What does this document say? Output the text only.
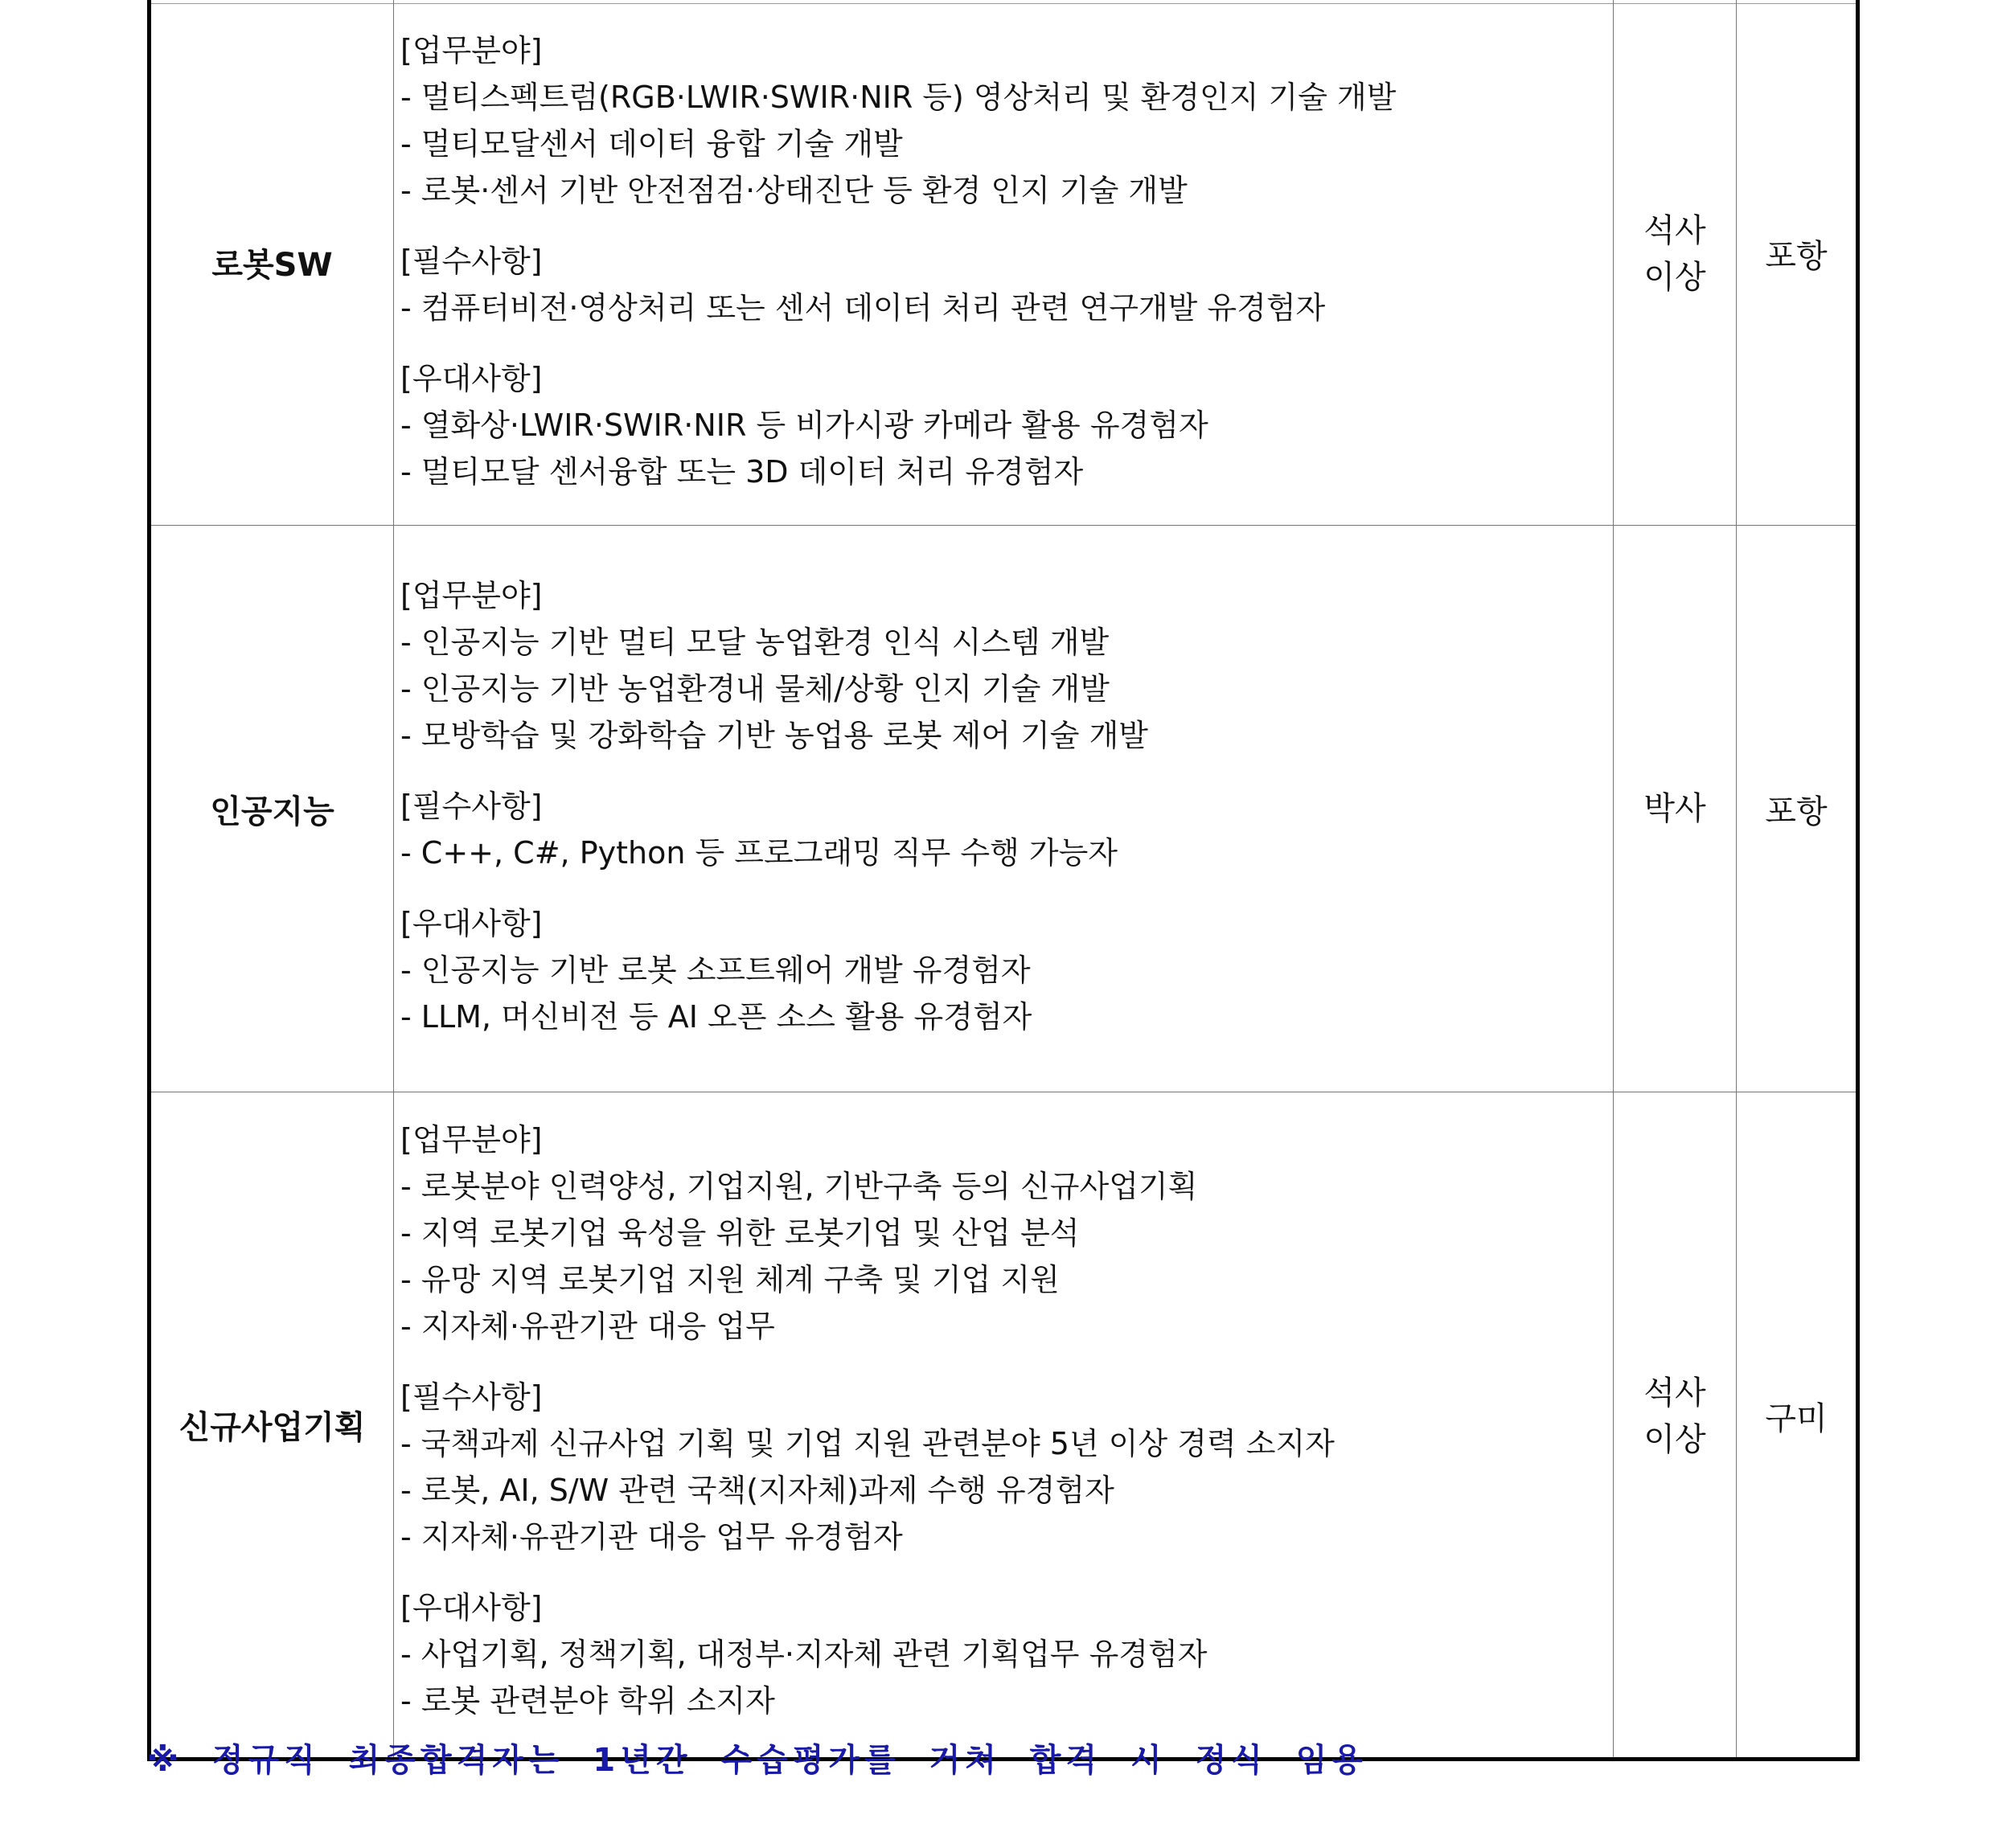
로봇SW
[업무분야]
- 멀티스펙트럼(RGB·LWIR·SWIR·NIR 등) 영상처리 및 환경인지 기술 개발
- 멀티모달센서 데이터 융합 기술 개발
- 로봇·센서 기반 안전점검·상태진단 등 환경 인지 기술 개발
[필수사항]
- 컴퓨터비전·영상처리 또는 센서 데이터 처리 관련 연구개발 유경험자
[우대사항]
- 열화상·LWIR·SWIR·NIR 등 비가시광 카메라 활용 유경험자
- 멀티모달 센서융합 또는 3D 데이터 처리 유경험자
석사
이상
포항
인공지능
[업무분야]
- 인공지능 기반 멀티 모달 농업환경 인식 시스템 개발
- 인공지능 기반 농업환경내 물체/상황 인지 기술 개발
- 모방학습 및 강화학습 기반 농업용 로봇 제어 기술 개발
[필수사항]
- C++, C#, Python 등 프로그래밍 직무 수행 가능자
[우대사항]
- 인공지능 기반 로봇 소프트웨어 개발 유경험자
- LLM, 머신비전 등 AI 오픈 소스 활용 유경험자
박사 포항
신규사업기획
[업무분야]
- 로봇분야 인력양성, 기업지원, 기반구축 등의 신규사업기획
- 지역 로봇기업 육성을 위한 로봇기업 및 산업 분석
- 유망 지역 로봇기업 지원 체계 구축 및 기업 지원
- 지자체·유관기관 대응 업무
[필수사항]
- 국책과제 신규사업 기획 및 기업 지원 관련분야 5년 이상 경력 소지자
- 로봇, AI, S/W 관련 국책(지자체)과제 수행 유경험자
- 지자체·유관기관 대응 업무 유경험자
[우대사항]
- 사업기획, 정책기획, 대정부·지자체 관련 기획업무 유경험자
- 로봇 관련분야 학위 소지자
석사
이상
구미
※ 정규직 최종합격자는 1년간 수습평가를 거쳐 합격 시 정식 임용
